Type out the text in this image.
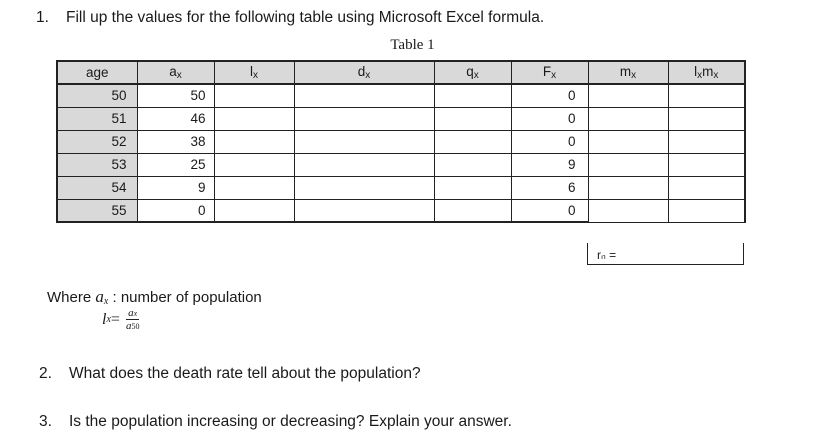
1. Fill up the values for the following table using Microsoft Excel formula.
Table 1
age	$a_x$	$l_x$	$d_x$	$q_x$	$F_x$	$m_x$	$l_xm_x$
50	50				0		
51	46				0		
52	38				0		
53	25				9		
54	9				6		
55	0				0		
rₙ =
Where $a_x$ : number of population
l $x = \frac{ax}{a50}$
2. What does the death rate tell about the population?
3. Is the population increasing or decreasing? Explain your answer.
